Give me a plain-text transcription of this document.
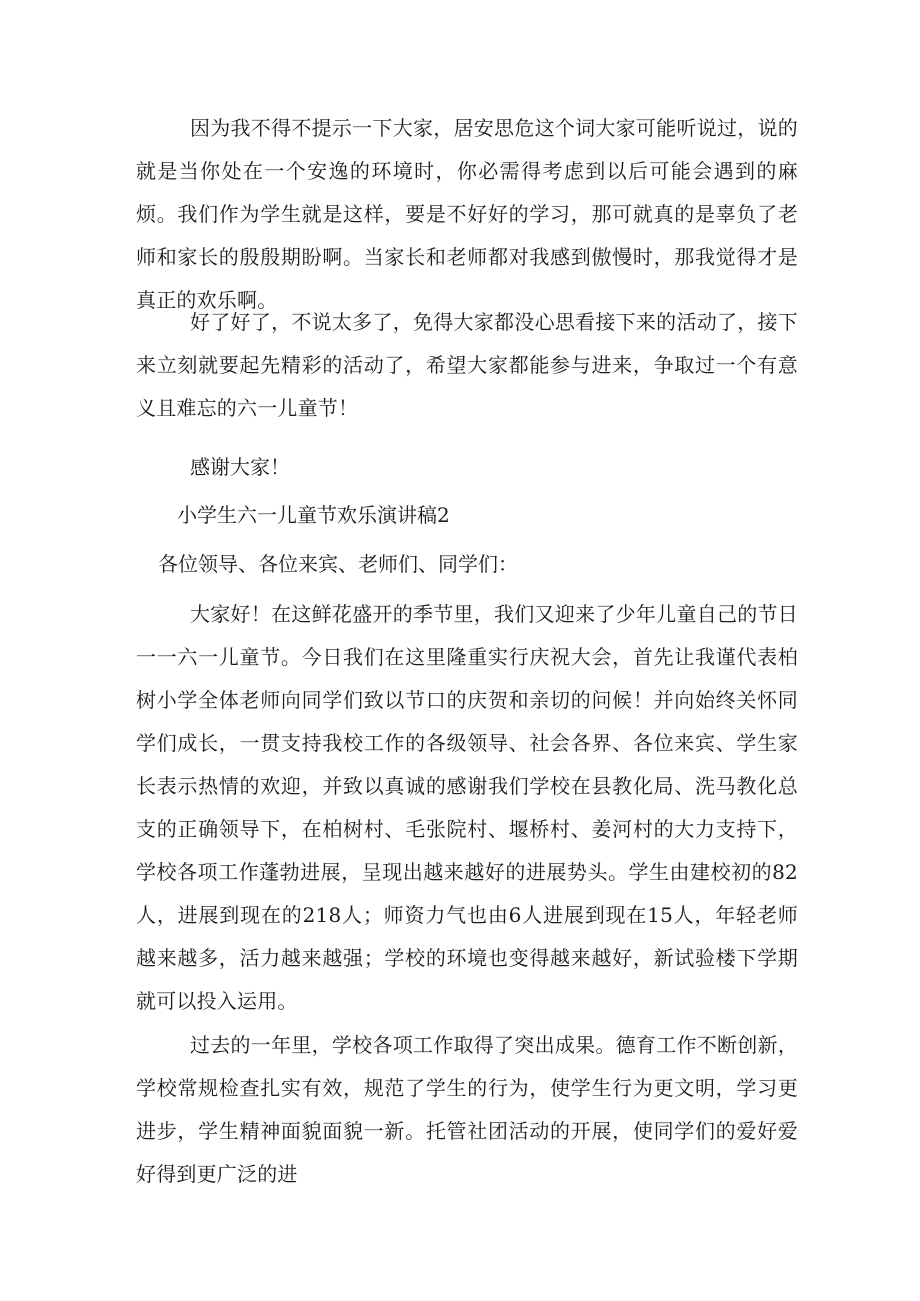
因为我不得不提示一下大家，居安思危这个词大家可能听说过，说的就是当你处在一个安逸的环境时，你必需得考虑到以后可能会遇到的麻烦。我们作为学生就是这样，要是不好好的学习，那可就真的是辜负了老师和家长的殷殷期盼啊。当家长和老师都对我感到傲慢时，那我觉得才是真正的欢乐啊。

好了好了，不说太多了，免得大家都没心思看接下来的活动了，接下来立刻就要起先精彩的活动了，希望大家都能参与进来，争取过一个有意义且难忘的六一儿童节！

感谢大家！

小学生六一儿童节欢乐演讲稿2

各位领导、各位来宾、老师们、同学们：

大家好！在这鲜花盛开的季节里，我们又迎来了少年儿童自己的节日一一六一儿童节。今日我们在这里隆重实行庆祝大会，首先让我谨代表柏树小学全体老师向同学们致以节口的庆贺和亲切的问候！并向始终关怀同学们成长，一贯支持我校工作的各级领导、社会各界、各位来宾、学生家长表示热情的欢迎，并致以真诚的感谢我们学校在县教化局、洗马教化总支的正确领导下，在柏树村、毛张院村、堰桥村、姜河村的大力支持下，学校各项工作蓬勃进展，呈现出越来越好的进展势头。学生由建校初的82人，进展到现在的218人；师资力气也由6人进展到现在15人，年轻老师越来越多，活力越来越强；学校的环境也变得越来越好，新试验楼下学期就可以投入运用。

过去的一年里，学校各项工作取得了突出成果。德育工作不断创新，学校常规检查扎实有效，规范了学生的行为，使学生行为更文明，学习更进步，学生精神面貌面貌一新。托管社团活动的开展，使同学们的爱好爱好得到更广泛的进
